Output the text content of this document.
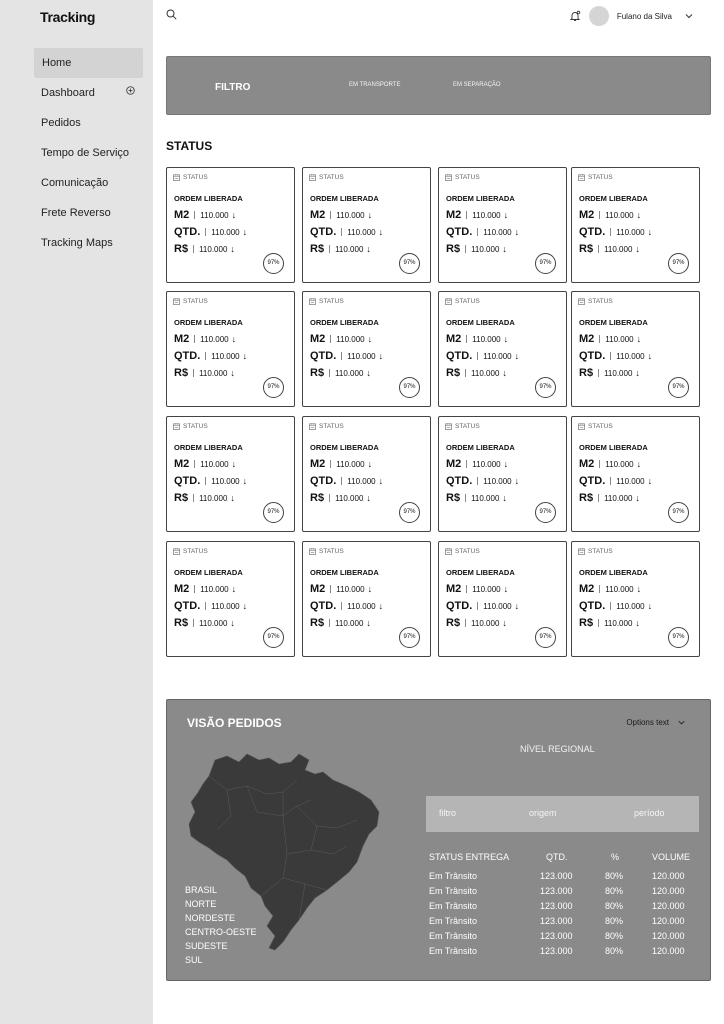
Tracking
Home
Dashboard
Pedidos
Tempo de Serviço
Comunicação
Frete Reverso
Tracking Maps
Fulano da Silva
FILTRO	EM TRANSPORTE	EM SEPARAÇÃO
STATUS
STATUS
ORDEM LIBERADA
M2 110.000 ↓
QTD. 110.000 ↓
R$ 110.000 ↓
97%
STATUS
ORDEM LIBERADA
M2 110.000 ↓
QTD. 110.000 ↓
R$ 110.000 ↓
97%
STATUS
ORDEM LIBERADA
M2 110.000 ↓
QTD. 110.000 ↓
R$ 110.000 ↓
97%
STATUS
ORDEM LIBERADA
M2 110.000 ↓
QTD. 110.000 ↓
R$ 110.000 ↓
97%
STATUS
ORDEM LIBERADA
M2 110.000 ↓
QTD. 110.000 ↓
R$ 110.000 ↓
97%
STATUS
ORDEM LIBERADA
M2 110.000 ↓
QTD. 110.000 ↓
R$ 110.000 ↓
97%
STATUS
ORDEM LIBERADA
M2 110.000 ↓
QTD. 110.000 ↓
R$ 110.000 ↓
97%
STATUS
ORDEM LIBERADA
M2 110.000 ↓
QTD. 110.000 ↓
R$ 110.000 ↓
97%
STATUS
ORDEM LIBERADA
M2 110.000 ↓
QTD. 110.000 ↓
R$ 110.000 ↓
97%
STATUS
ORDEM LIBERADA
M2 110.000 ↓
QTD. 110.000 ↓
R$ 110.000 ↓
97%
STATUS
ORDEM LIBERADA
M2 110.000 ↓
QTD. 110.000 ↓
R$ 110.000 ↓
97%
STATUS
ORDEM LIBERADA
M2 110.000 ↓
QTD. 110.000 ↓
R$ 110.000 ↓
97%
STATUS
ORDEM LIBERADA
M2 110.000 ↓
QTD. 110.000 ↓
R$ 110.000 ↓
97%
STATUS
ORDEM LIBERADA
M2 110.000 ↓
QTD. 110.000 ↓
R$ 110.000 ↓
97%
STATUS
ORDEM LIBERADA
M2 110.000 ↓
QTD. 110.000 ↓
R$ 110.000 ↓
97%
STATUS
ORDEM LIBERADA
M2 110.000 ↓
QTD. 110.000 ↓
R$ 110.000 ↓
97%
VISÃO PEDIDOS	Options text
NÍVEL REGIONAL
BRASIL
NORTE
NORDESTE
CENTRO-OESTE
SUDESTE
SUL
filtro	origem	período
STATUS ENTREGA	QTD.	%	VOLUME
Em Trânsito	123.000	80%	120.000
Em Trânsito	123.000	80%	120.000
Em Trânsito	123.000	80%	120.000
Em Trânsito	123.000	80%	120.000
Em Trânsito	123.000	80%	120.000
Em Trânsito	123.000	80%	120.000
